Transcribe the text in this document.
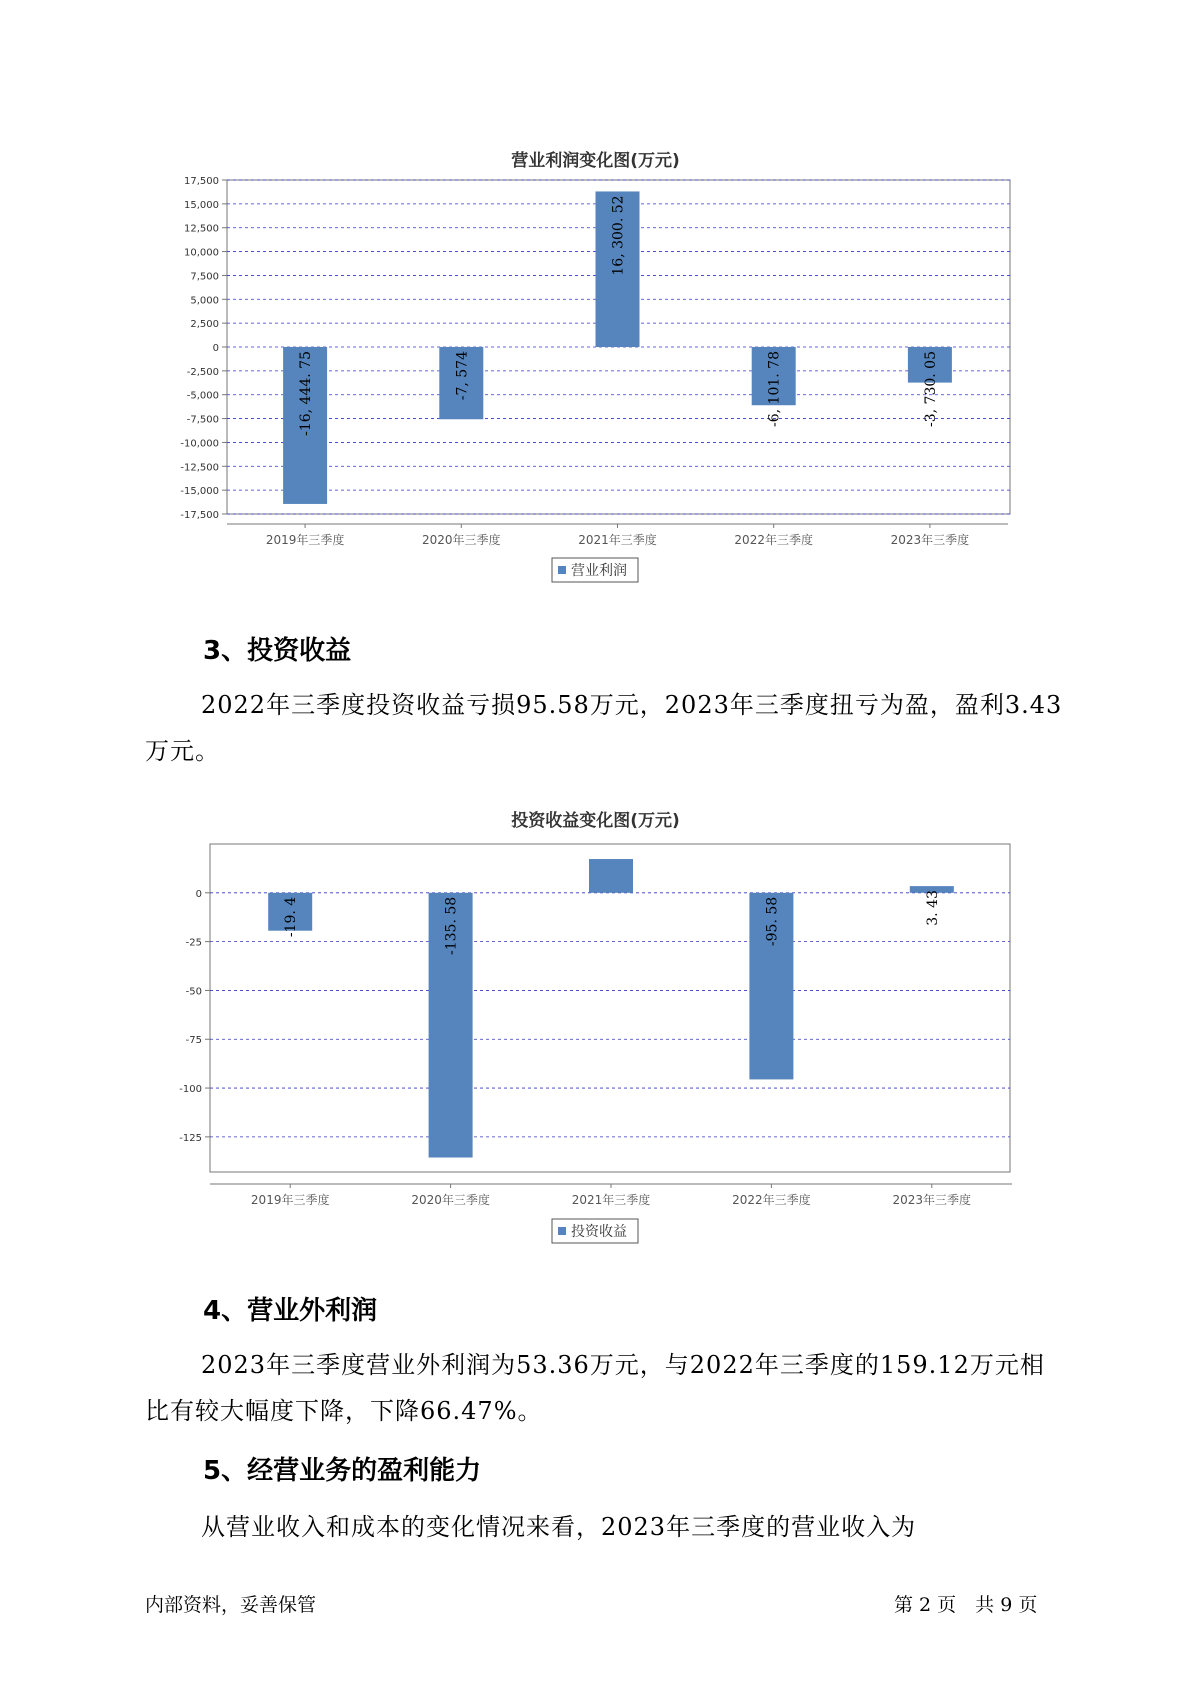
营业利润变化图(万元)
17,500
15,000
12,500
10,000
7,500
5,000
2,500
0
-2,500
-5,000
-7,500
-10,000
-12,500
-15,000
-17,500
2019年三季度
-16, 444. 75
2020年三季度
-7, 574
2021年三季度
16, 300. 52
2022年三季度
-6, 101. 78
2023年三季度
-3, 730. 05
营业利润
3、投资收益

2022年三季度投资收益亏损95.58万元，2023年三季度扭亏为盈，盈利3.43万元。

投资收益变化图(万元)
0
-25
-50
-75
-100
-125
2019年三季度
-19. 4
2020年三季度
-135. 58
2021年三季度	2022年三季度
-95. 58
2023年三季度
3. 43
投资收益
4、营业外利润

2023年三季度营业外利润为53.36万元，与2022年三季度的159.12万元相比有较大幅度下降，下降66.47%。

5、经营业务的盈利能力

从营业收入和成本的变化情况来看，2023年三季度的营业收入为

内部资料，妥善保管	第 2 页　共 9 页
